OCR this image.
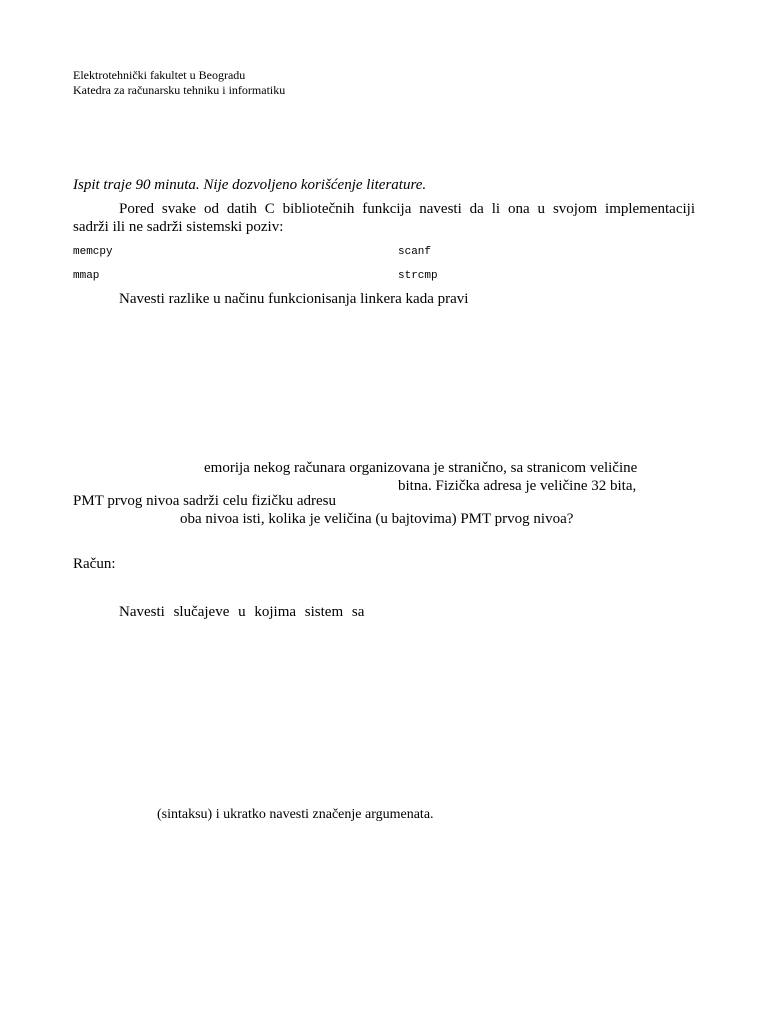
Elektrotehnički fakultet u Beogradu
Katedra za računarsku tehniku i informatiku
Ispit traje 90 minuta. Nije dozvoljeno korišćenje literature.
Pored svake od datih C bibliotečnih funkcija navesti da li ona u svojom implementaciji
sadrži ili ne sadrži sistemski poziv:
memcpy	scanf
mmap	strcmp
Navesti razlike u načinu funkcionisanja linkera kada pravi
emorija nekog računara organizovana je stranično, sa stranicom veličine
bitna. Fizička adresa je veličine 32 bita,
PMT prvog nivoa sadrži celu fizičku adresu
oba nivoa isti, kolika je veličina (u bajtovima) PMT prvog nivoa?
Račun:
Navesti slučajeve u kojima sistem sa
(sintaksu) i ukratko navesti značenje argumenata.
